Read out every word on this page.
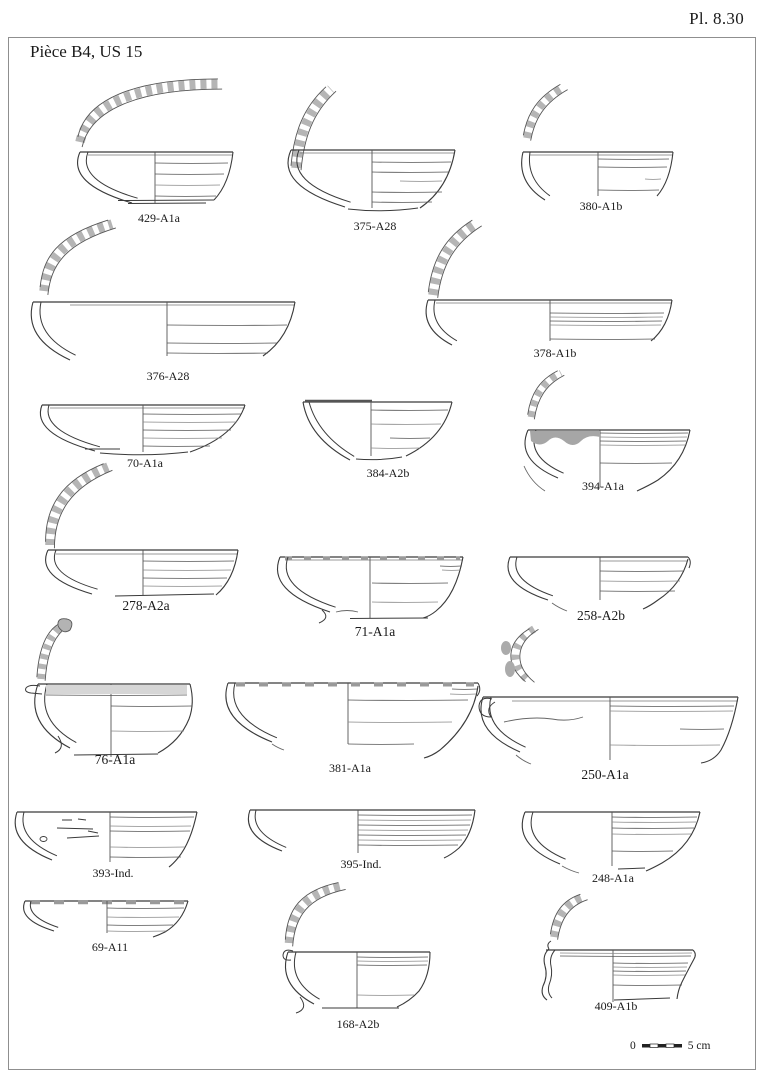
Pl. 8.30
Pièce B4, US 15
429-A1a
375-A28
380-A1b
376-A28
378-A1b
70-A1a
384-A2b
394-A1a
278-A2a
71-A1a
258-A2b
76-A1a
381-A1a	250-A1a
393-Ind.
395-Ind.
248-A1a
69-A11
168-A2b
409-A1b
0	5 cm
